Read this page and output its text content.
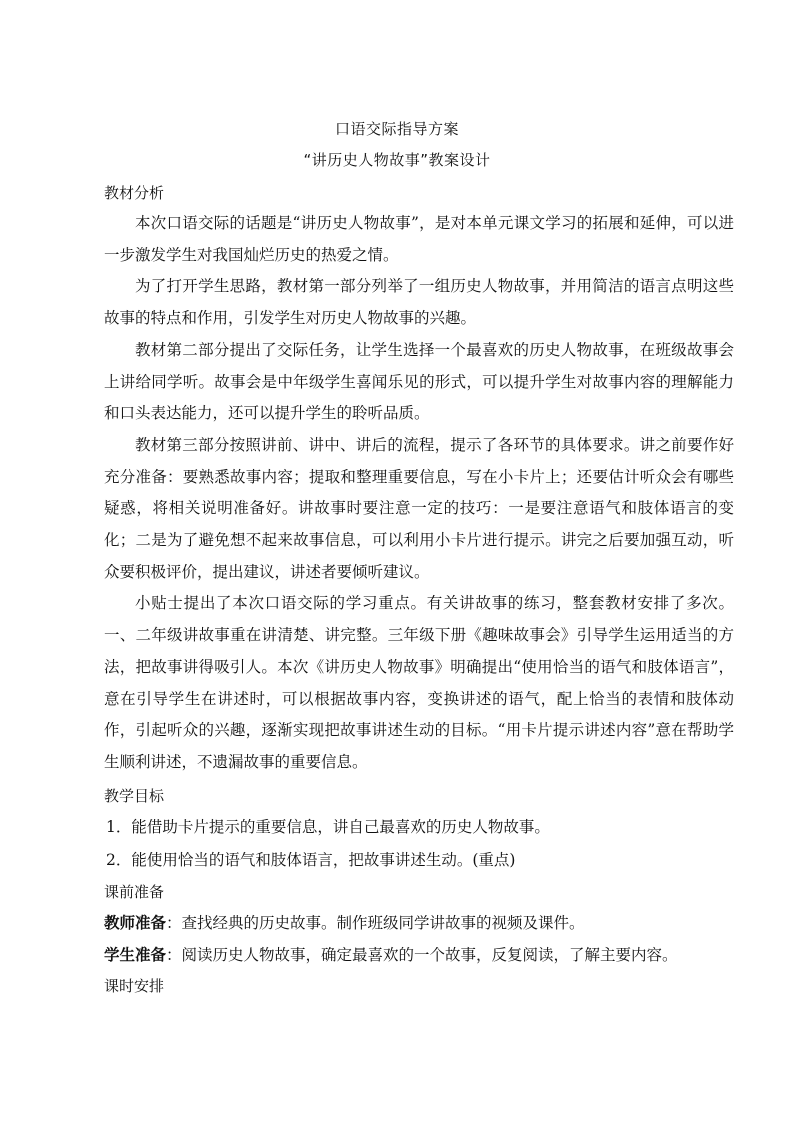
口语交际指导方案
“讲历史人物故事”教案设计
教材分析

本次口语交际的话题是“讲历史人物故事”，是对本单元课文学习的拓展和延伸，可以进一步激发学生对我国灿烂历史的热爱之情。

为了打开学生思路，教材第一部分列举了一组历史人物故事，并用简洁的语言点明这些故事的特点和作用，引发学生对历史人物故事的兴趣。

教材第二部分提出了交际任务，让学生选择一个最喜欢的历史人物故事，在班级故事会上讲给同学听。故事会是中年级学生喜闻乐见的形式，可以提升学生对故事内容的理解能力和口头表达能力，还可以提升学生的聆听品质。

教材第三部分按照讲前、讲中、讲后的流程，提示了各环节的具体要求。讲之前要作好充分准备：要熟悉故事内容；提取和整理重要信息，写在小卡片上；还要估计听众会有哪些疑惑，将相关说明准备好。讲故事时要注意一定的技巧：一是要注意语气和肢体语言的变化；二是为了避免想不起来故事信息，可以利用小卡片进行提示。讲完之后要加强互动，听众要积极评价，提出建议，讲述者要倾听建议。

小贴士提出了本次口语交际的学习重点。有关讲故事的练习，整套教材安排了多次。一、二年级讲故事重在讲清楚、讲完整。三年级下册《趣味故事会》引导学生运用适当的方法，把故事讲得吸引人。本次《讲历史人物故事》明确提出“使用恰当的语气和肢体语言”，意在引导学生在讲述时，可以根据故事内容，变换讲述的语气，配上恰当的表情和肢体动作，引起听众的兴趣，逐渐实现把故事讲述生动的目标。“用卡片提示讲述内容”意在帮助学生顺利讲述，不遗漏故事的重要信息。

教学目标

1．能借助卡片提示的重要信息，讲自己最喜欢的历史人物故事。

2．能使用恰当的语气和肢体语言，把故事讲述生动。(重点)

课前准备

教师准备：查找经典的历史故事。制作班级同学讲故事的视频及课件。

学生准备：阅读历史人物故事，确定最喜欢的一个故事，反复阅读，了解主要内容。

课时安排
